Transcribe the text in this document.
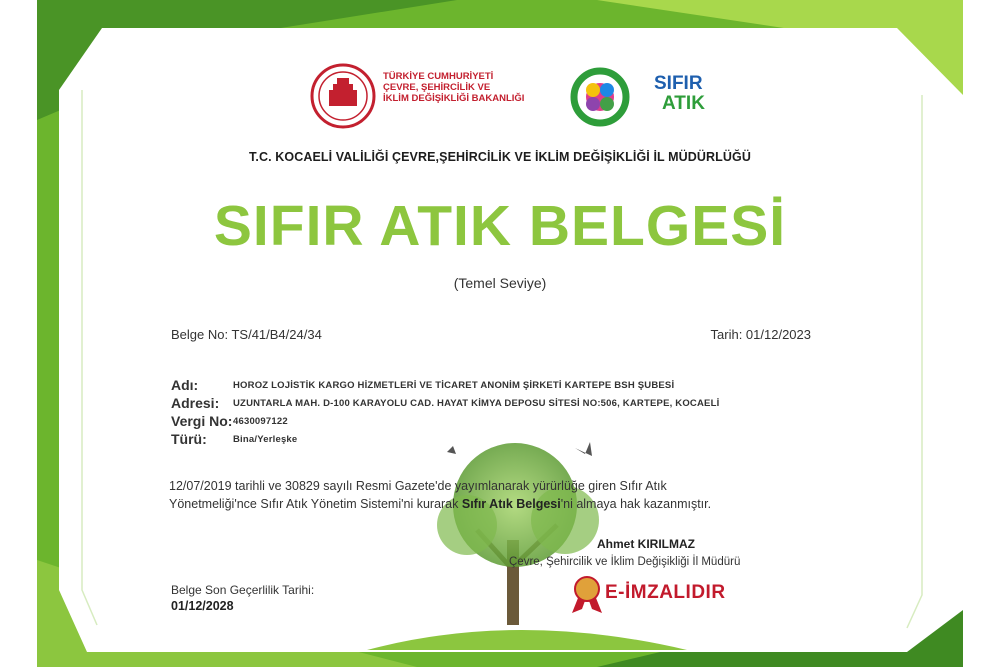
TÜRKİYE CUMHURİYETİ
ÇEVRE, ŞEHİRCİLİK VE
İKLİM DEĞİŞİKLİĞİ BAKANLIĞI
SIFIR
ATIK
T.C. KOCAELİ VALİLİĞİ ÇEVRE,ŞEHİRCİLİK VE İKLİM DEĞİŞİKLİĞİ İL MÜDÜRLÜĞÜ
SIFIR ATIK BELGESİ
(Temel Seviye)
Belge No: TS/41/B4/24/34	Tarih: 01/12/2023
Adı:	HOROZ LOJİSTİK KARGO HİZMETLERİ VE TİCARET ANONİM ŞİRKETİ KARTEPE BSH ŞUBESİ
Adresi: UZUNTARLA MAH. D-100 KARAYOLU CAD. HAYAT KİMYA DEPOSU SİTESİ NO:506, KARTEPE, KOCAELİ
Vergi No: 4630097122
Türü:	Bina/Yerleşke
12/07/2019 tarihli ve 30829 sayılı Resmi Gazete'de yayımlanarak yürürlüğe giren Sıfır Atık
Yönetmeliği'nce Sıfır Atık Yönetim Sistemi'ni kurarak Sıfır Atık Belgesi'ni almaya hak kazanmıştır.
Ahmet KIRILMAZ
Çevre, Şehircilik ve İklim Değişikliği İl Müdürü
E-İMZALIDIR
Belge Son Geçerlilik Tarihi:
01/12/2028
